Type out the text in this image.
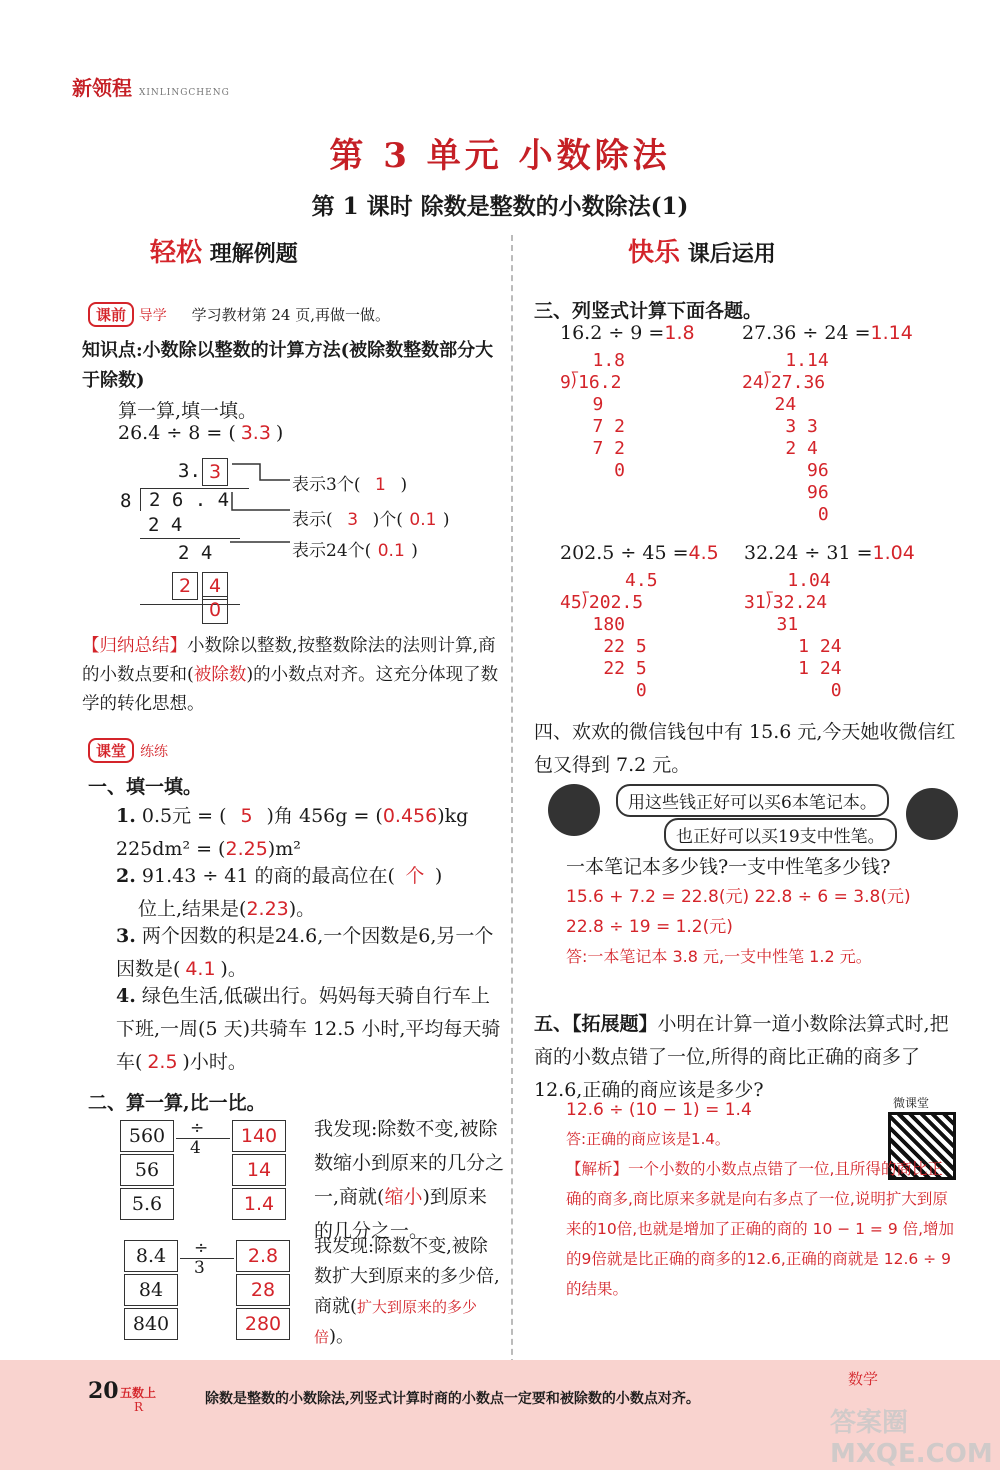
新领程 XINLINGCHENG
第 3 单元 小数除法
第 1 课时 除数是整数的小数除法(1)
轻松 理解例题
课前 导学 学习教材第 24 页,再做一做。
知识点:小数除以整数的计算方法(被除数整数部分大于除数)
算一算,填一填。
26.4 ÷ 8 = ( 3.3 )
3. 3
8 2 6 . 4
2 4
2 4
2 4
0
表示3个( 1 )
表示( 3 )个( 0.1 )
表示24个( 0.1 )
【归纳总结】小数除以整数,按整数除法的法则计算,商的小数点要和(被除数)的小数点对齐。这充分体现了数学的转化思想。
课堂 练练
一、填一填。
1. 0.5元 = ( 5 )角 456g = (0.456)kg
225dm² = (2.25)m²
2. 91.43 ÷ 41 的商的最高位在( 个 )
位上,结果是(2.23)。
3. 两个因数的积是24.6,一个因数是6,另一个因数是( 4.1 )。
4. 绿色生活,低碳出行。妈妈每天骑自行车上下班,一周(5 天)共骑车 12.5 小时,平均每天骑车( 2.5 )小时。
二、算一算,比一比。
560
56
5.6
÷ 4
140
14
1.4
我发现:除数不变,被除数缩小到原来的几分之一,商就(缩小)到原来的几分之一。
8.4
84
840
÷ 3
2.8
28
280
我发现:除数不变,被除数扩大到原来的多少倍,商就(扩大到原来的多少倍)。
快乐 课后运用
三、列竖式计算下面各题。
16.2 ÷ 9 =1.8
1.8
9⟌16.2
9
7 2
7 2
0
27.36 ÷ 24 =1.14
1.14
24⟌27.36
24
3 3
2 4
96
96
0
202.5 ÷ 45 =4.5
4.5
45⟌202.5
180
22 5
22 5
0
32.24 ÷ 31 =1.04
1.04
31⟌32.24
31
1 24
1 24
0
四、欢欢的微信钱包中有 15.6 元,今天她收微信红包又得到 7.2 元。
用这些钱正好可以买6本笔记本。
也正好可以买19支中性笔。
一本笔记本多少钱?一支中性笔多少钱?
15.6 + 7.2 = 22.8(元) 22.8 ÷ 6 = 3.8(元)
22.8 ÷ 19 = 1.2(元)
答:一本笔记本 3.8 元,一支中性笔 1.2 元。
五、【拓展题】小明在计算一道小数除法算式时,把商的小数点错了一位,所得的商比正确的商多了12.6,正确的商应该是多少?
12.6 ÷ (10 − 1) = 1.4
答:正确的商应该是1.4。
微课堂
【解析】一个小数的小数点点错了一位,且所得的商比正确的商多,商比原来多就是向右多点了一位,说明扩大到原来的10倍,也就是增加了正确的商的 10 − 1 = 9 倍,增加的9倍就是比正确的商多的12.6,正确的商就是 12.6 ÷ 9 的结果。
20 五数上
R	除数是整数的小数除法,列竖式计算时商的小数点一定要和被除数的小数点对齐。
数学
答案圈 MXQE.COM
